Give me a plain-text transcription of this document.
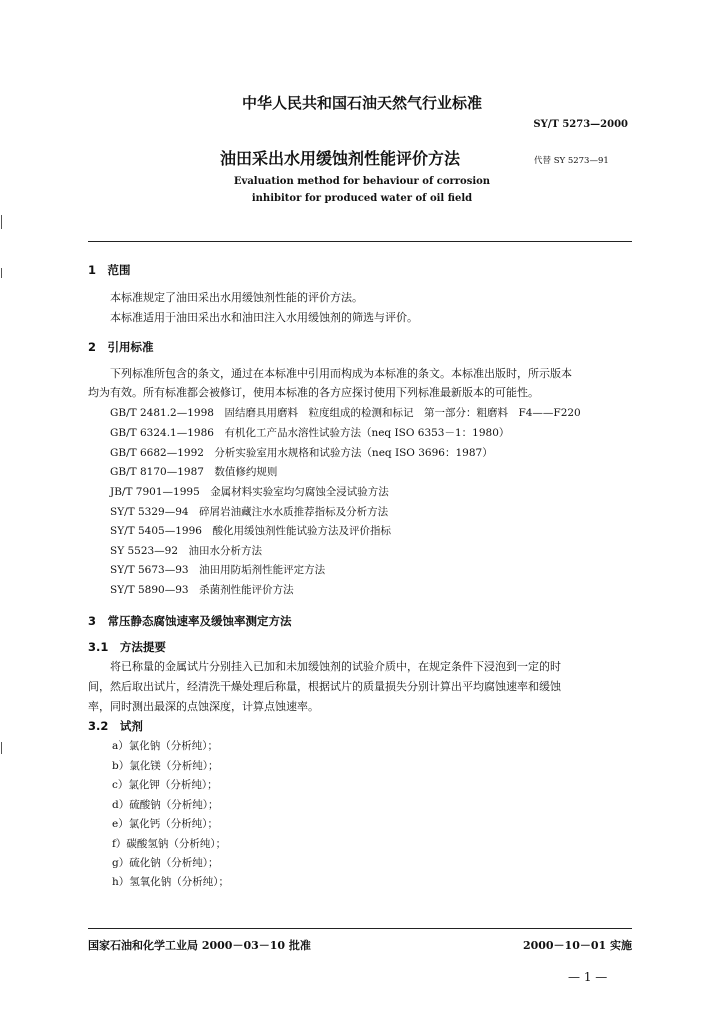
中华人民共和国石油天然气行业标准
SY/T 5273—2000
油田采出水用缓蚀剂性能评价方法	代替 SY 5273—91
Evaluation method for behaviour of corrosion
inhibitor for produced water of oil field
1　范围
本标准规定了油田采出水用缓蚀剂性能的评价方法。
本标准适用于油田采出水和油田注入水用缓蚀剂的筛选与评价。
2　引用标准
下列标准所包含的条文，通过在本标准中引用而构成为本标准的条文。本标准出版时，所示版本
均为有效。所有标准都会被修订，使用本标准的各方应探讨使用下列标准最新版本的可能性。
GB/T 2481.2—1998　固结磨具用磨料　粒度组成的检测和标记　第一部分：粗磨料　F4——F220
GB/T 6324.1—1986　有机化工产品水溶性试验方法（neq ISO 6353－1：1980）
GB/T 6682—1992　分析实验室用水规格和试验方法（neq ISO 3696：1987）
GB/T 8170—1987　数值修约规则
JB/T 7901—1995　金属材料实验室均匀腐蚀全浸试验方法
SY/T 5329—94　碎屑岩油藏注水水质推荐指标及分析方法
SY/T 5405—1996　酸化用缓蚀剂性能试验方法及评价指标
SY 5523—92　油田水分析方法
SY/T 5673—93　油田用防垢剂性能评定方法
SY/T 5890—93　杀菌剂性能评价方法
3　常压静态腐蚀速率及缓蚀率测定方法
3.1　方法提要
将已称量的金属试片分别挂入已加和未加缓蚀剂的试验介质中，在规定条件下浸泡到一定的时
间，然后取出试片，经清洗干燥处理后称量，根据试片的质量损失分别计算出平均腐蚀速率和缓蚀
率，同时测出最深的点蚀深度，计算点蚀速率。
3.2　试剂
a）氯化钠（分析纯）；
b）氯化镁（分析纯）；
c）氯化钾（分析纯）；
d）硫酸钠（分析纯）；
e）氯化钙（分析纯）；
f）碳酸氢钠（分析纯）；
g）硫化钠（分析纯）；
h）氢氧化钠（分析纯）；
国家石油和化学工业局 2000－03－10 批准	2000－10－01 实施
— 1 —
